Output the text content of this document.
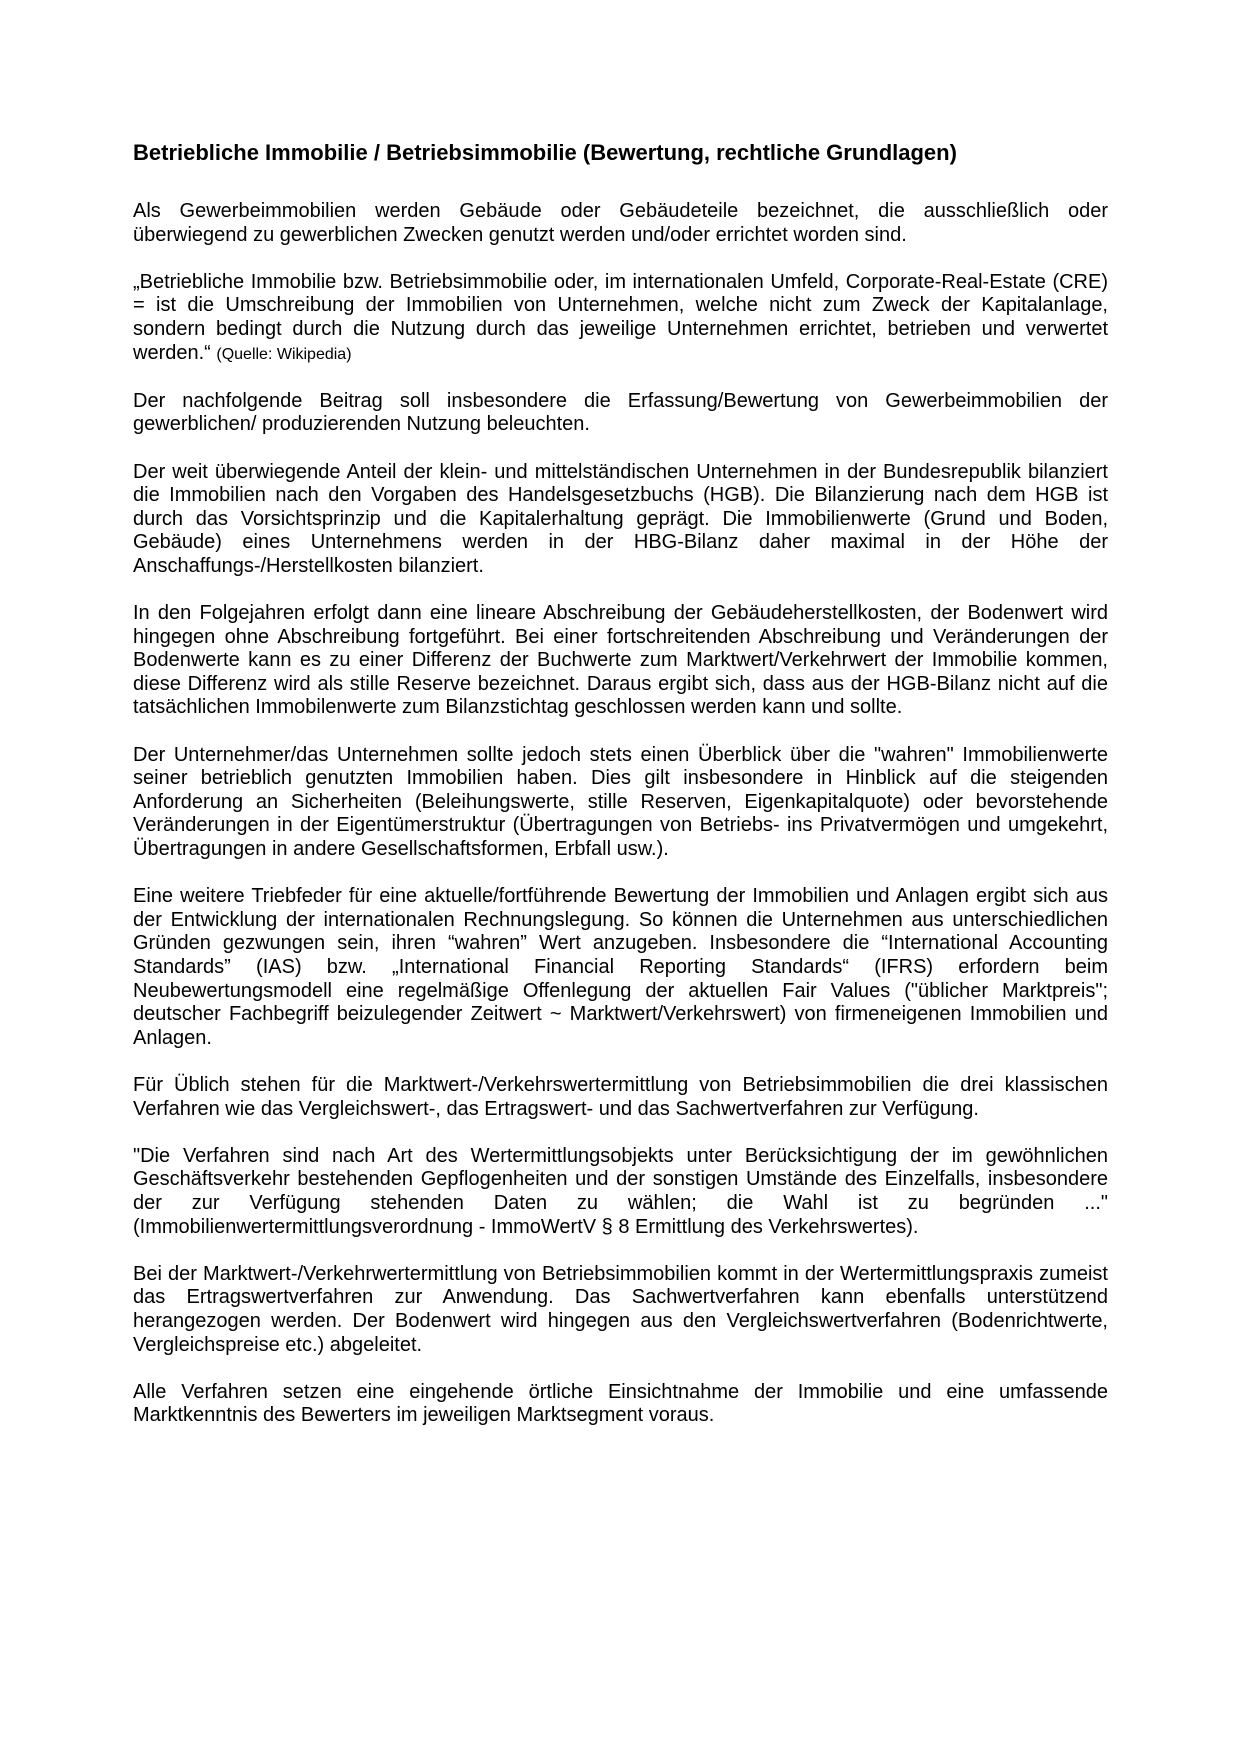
Betriebliche Immobilie / Betriebsimmobilie (Bewertung, rechtliche Grundlagen)

Als Gewerbeimmobilien werden Gebäude oder Gebäudeteile bezeichnet, die ausschließlich oder überwiegend zu gewerblichen Zwecken genutzt werden und/oder errichtet worden sind.

„Betriebliche Immobilie bzw. Betriebsimmobilie oder, im internationalen Umfeld, Corporate-Real-Estate (CRE) = ist die Umschreibung der Immobilien von Unternehmen, welche nicht zum Zweck der Kapitalanlage, sondern bedingt durch die Nutzung durch das jeweilige Unternehmen errichtet, betrieben und verwertet werden.“ (Quelle: Wikipedia)

Der nachfolgende Beitrag soll insbesondere die Erfassung/Bewertung von Gewerbeimmobilien der gewerblichen/ produzierenden Nutzung beleuchten.

Der weit überwiegende Anteil der klein- und mittelständischen Unternehmen in der Bundesrepublik bilanziert die Immobilien nach den Vorgaben des Handelsgesetzbuchs (HGB). Die Bilanzierung nach dem HGB ist durch das Vorsichtsprinzip und die Kapitalerhaltung geprägt. Die Immobilienwerte (Grund und Boden, Gebäude) eines Unternehmens werden in der HBG-Bilanz daher maximal in der Höhe der Anschaffungs-/Herstellkosten bilanziert.

In den Folgejahren erfolgt dann eine lineare Abschreibung der Gebäudeherstellkosten, der Bodenwert wird hingegen ohne Abschreibung fortgeführt. Bei einer fortschreitenden Abschreibung und Veränderungen der Bodenwerte kann es zu einer Differenz der Buchwerte zum Marktwert/Verkehrwert der Immobilie kommen, diese Differenz wird als stille Reserve bezeichnet. Daraus ergibt sich, dass aus der HGB-Bilanz nicht auf die tatsächlichen Immobilenwerte zum Bilanzstichtag geschlossen werden kann und sollte.

Der Unternehmer/das Unternehmen sollte jedoch stets einen Überblick über die "wahren" Immobilienwerte seiner betrieblich genutzten Immobilien haben. Dies gilt insbesondere in Hinblick auf die steigenden Anforderung an Sicherheiten (Beleihungswerte, stille Reserven, Eigenkapitalquote) oder bevorstehende Veränderungen in der Eigentümerstruktur (Übertragungen von Betriebs- ins Privatvermögen und umgekehrt, Übertragungen in andere Gesellschaftsformen, Erbfall usw.).

Eine weitere Triebfeder für eine aktuelle/fortführende Bewertung der Immobilien und Anlagen ergibt sich aus der Entwicklung der internationalen Rechnungslegung. So können die Unternehmen aus unterschiedlichen Gründen gezwungen sein, ihren “wahren” Wert anzugeben. Insbesondere die “International Accounting Standards” (IAS) bzw. „International Financial Reporting Standards“ (IFRS) erfordern beim Neubewertungsmodell eine regelmäßige Offenlegung der aktuellen Fair Values ("üblicher Marktpreis"; deutscher Fachbegriff beizulegender Zeitwert ~ Marktwert/Verkehrswert) von firmeneigenen Immobilien und Anlagen.

Für Üblich stehen für die Marktwert-/Verkehrswertermittlung von Betriebsimmobilien die drei klassischen Verfahren wie das Vergleichswert-, das Ertragswert- und das Sachwertverfahren zur Verfügung.

"Die Verfahren sind nach Art des Wertermittlungsobjekts unter Berücksichtigung der im gewöhnlichen Geschäftsverkehr bestehenden Gepflogenheiten und der sonstigen Umstände des Einzelfalls, insbesondere der zur Verfügung stehenden Daten zu wählen; die Wahl ist zu begründen ..." (Immobilienwertermittlungsverordnung - ImmoWertV § 8 Ermittlung des Verkehrswertes).

Bei der Marktwert-/Verkehrwertermittlung von Betriebsimmobilien kommt in der Wertermittlungspraxis zumeist das Ertragswertverfahren zur Anwendung. Das Sachwertverfahren kann ebenfalls unterstützend herangezogen werden. Der Bodenwert wird hingegen aus den Vergleichswertverfahren (Bodenrichtwerte, Vergleichspreise etc.) abgeleitet.

Alle Verfahren setzen eine eingehende örtliche Einsichtnahme der Immobilie und eine umfassende Marktkenntnis des Bewerters im jeweiligen Marktsegment voraus.
